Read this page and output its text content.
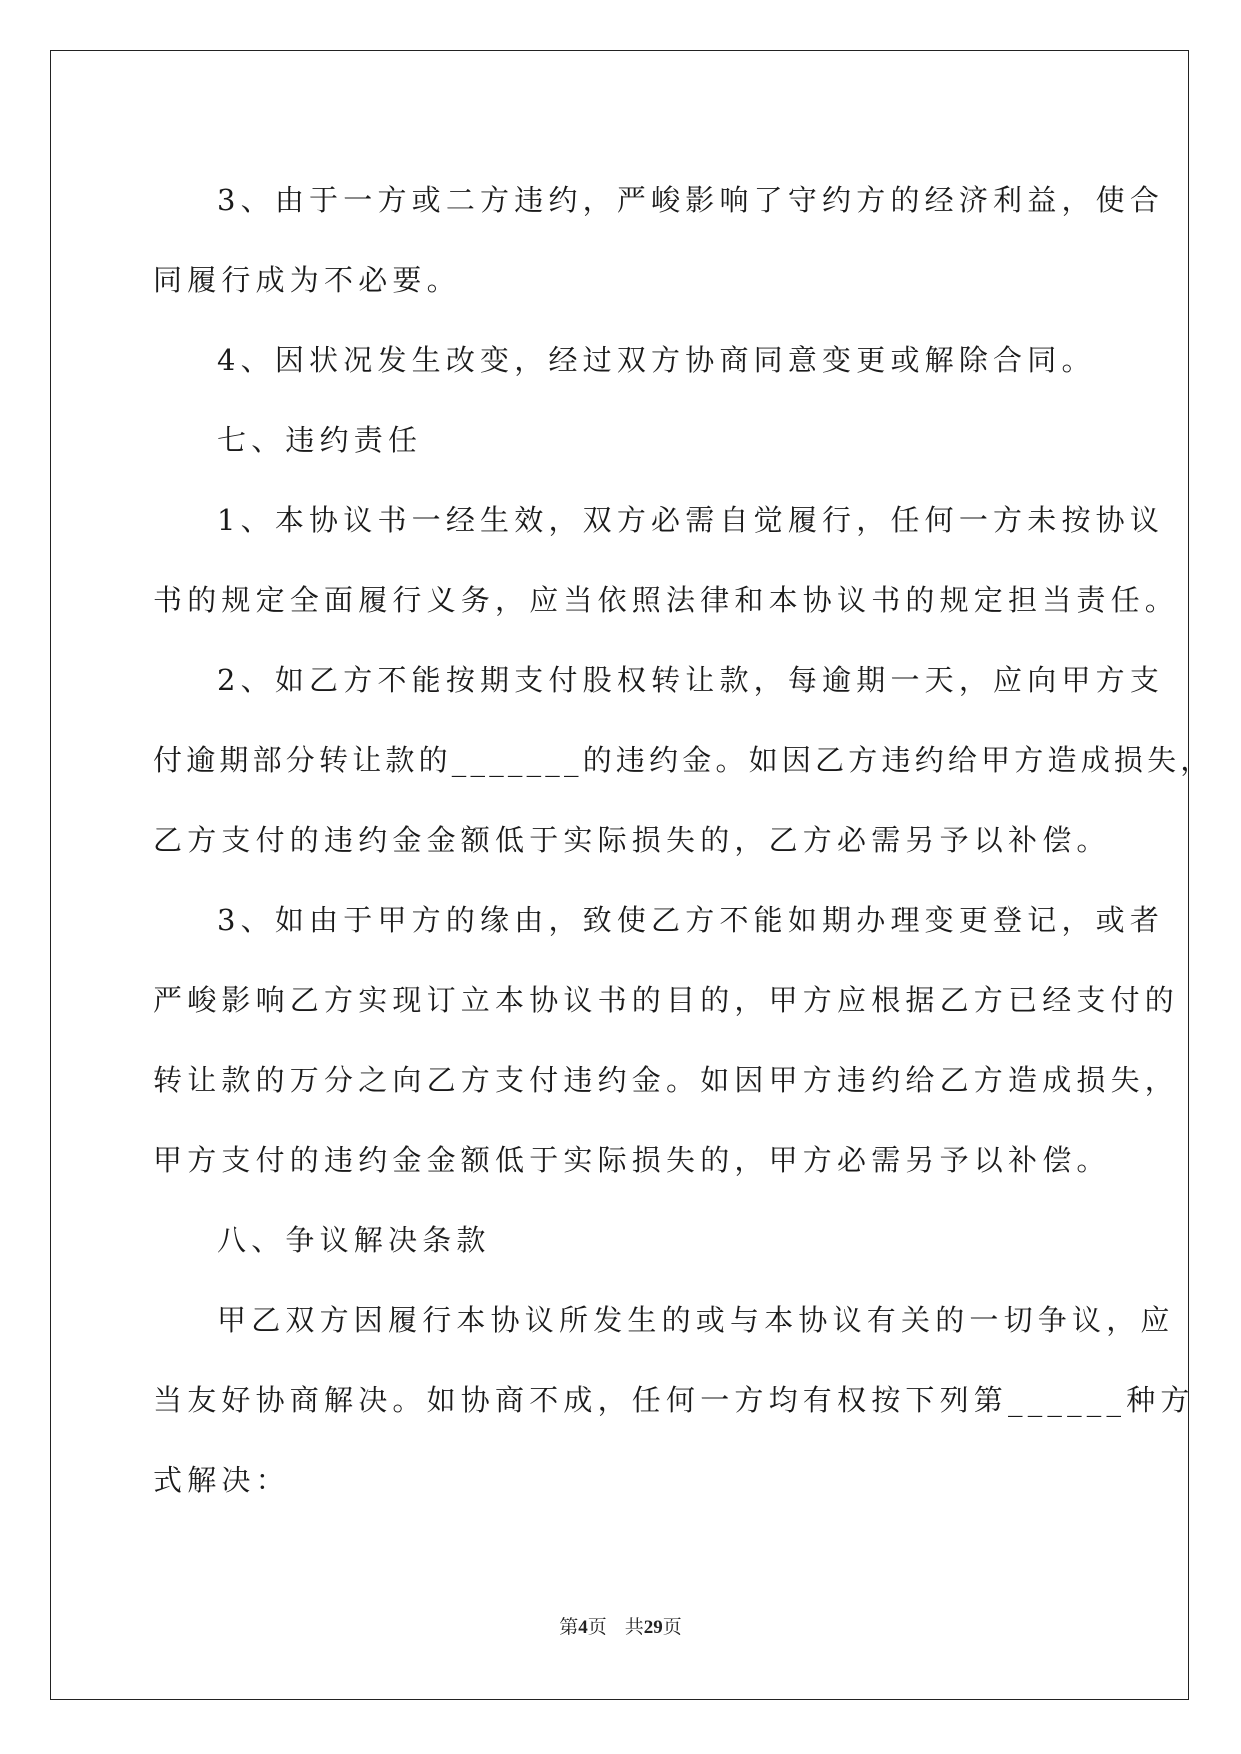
3、由于一方或二方违约，严峻影响了守约方的经济利益，使合
同履行成为不必要。
4、因状况发生改变，经过双方协商同意变更或解除合同。
七、违约责任
1、本协议书一经生效，双方必需自觉履行，任何一方未按协议
书的规定全面履行义务，应当依照法律和本协议书的规定担当责任。
2、如乙方不能按期支付股权转让款，每逾期一天，应向甲方支
付逾期部分转让款的_______的违约金。如因乙方违约给甲方造成损失，
乙方支付的违约金金额低于实际损失的，乙方必需另予以补偿。
3、如由于甲方的缘由，致使乙方不能如期办理变更登记，或者
严峻影响乙方实现订立本协议书的目的，甲方应根据乙方已经支付的
转让款的万分之向乙方支付违约金。如因甲方违约给乙方造成损失，
甲方支付的违约金金额低于实际损失的，甲方必需另予以补偿。
八、争议解决条款
甲乙双方因履行本协议所发生的或与本协议有关的一切争议，应
当友好协商解决。如协商不成，任何一方均有权按下列第______种方
式解决：
第4页 共29页
